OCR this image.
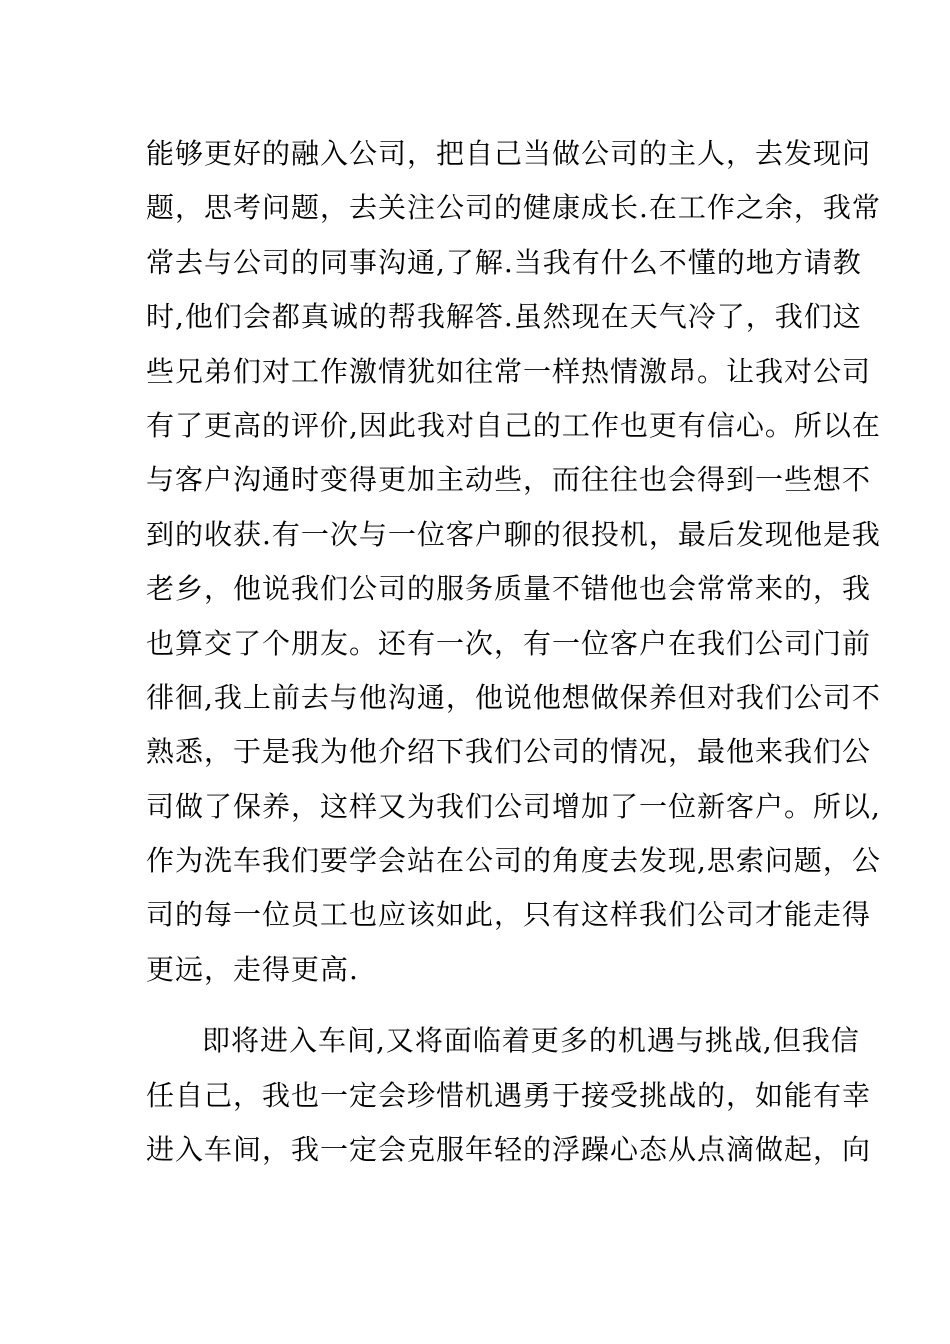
能够更好的融入公司，把自己当做公司的主人，去发现问
题，思考问题，去关注公司的健康成长.在工作之余，我常
常去与公司的同事沟通,了解.当我有什么不懂的地方请教
时,他们会都真诚的帮我解答.虽然现在天气冷了，我们这
些兄弟们对工作激情犹如往常一样热情激昂。让我对公司
有了更高的评价,因此我对自己的工作也更有信心。所以在
与客户沟通时变得更加主动些，而往往也会得到一些想不
到的收获.有一次与一位客户聊的很投机，最后发现他是我
老乡，他说我们公司的服务质量不错他也会常常来的，我
也算交了个朋友。还有一次，有一位客户在我们公司门前
徘徊,我上前去与他沟通，他说他想做保养但对我们公司不
熟悉，于是我为他介绍下我们公司的情况，最他来我们公
司做了保养，这样又为我们公司增加了一位新客户。所以,
作为洗车我们要学会站在公司的角度去发现,思索问题，公
司的每一位员工也应该如此，只有这样我们公司才能走得
更远，走得更高.
即将进入车间,又将面临着更多的机遇与挑战,但我信
任自己，我也一定会珍惜机遇勇于接受挑战的，如能有幸
进入车间，我一定会克服年轻的浮躁心态从点滴做起，向
